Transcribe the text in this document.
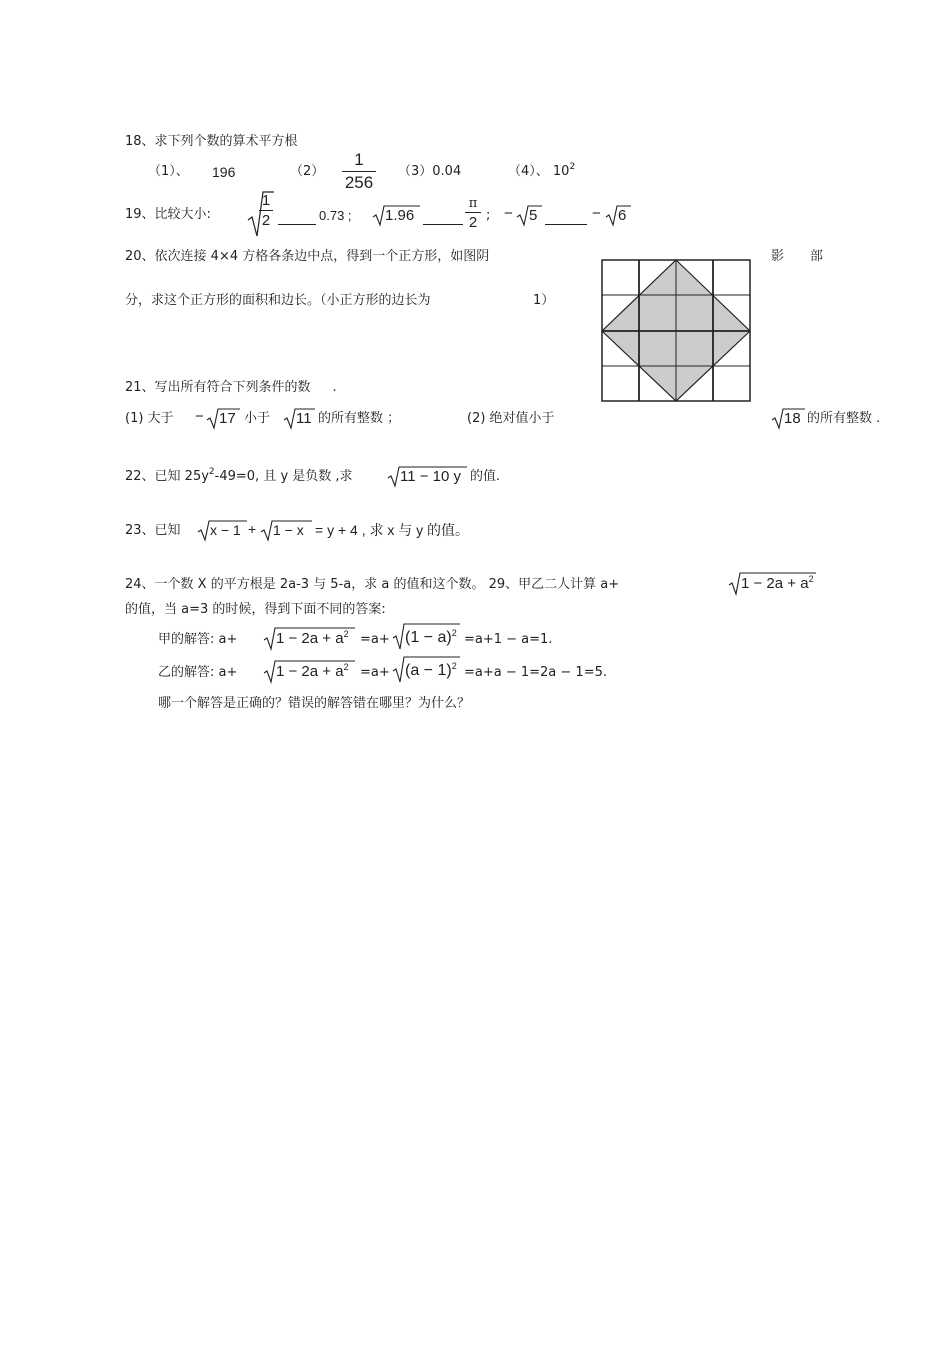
18、求下列个数的算术平方根
（1）、 196	（2）
1
256
（3）0.04	（4）、 $10^2$
19、比较大小:
1
2	0.73 ; 1.96
π
2 ; − 5	− 6
20、依次连接 4×4 方格各条边中点，得到一个正方形，如图阴	影 部
分，求这个正方形的面积和边长。（小正方形的边长为	1）
21、写出所有符合下列条件的数 .
(1) 大于 − 17 小于 11 的所有整数 ；	(2) 绝对值小于	18 的所有整数 .
22、已知 $25y^2-49=0$, 且 y 是负数 ,求	11 − 10 y 的值.
23、已知 x − 1 + 1 − x = y + 4 , 求 x 与 y 的值。
24、一个数 X 的平方根是 2a-3 与 5-a，求 a 的值和这个数。 29、甲乙二人计算 a+	$1 - 2a + a^2$
的值，当 a=3 的时候，得到下面不同的答案:
甲的解答: a+	$1 - 2a + a^2 =a+ (1 - a)^2 =a+1 - a=1$.
乙的解答: a+	$1 - 2a + a^2 =a+ (a - 1)^2 =a+a - 1=2a - 1=5$.
哪一个解答是正确的？错误的解答错在哪里？为什么？
